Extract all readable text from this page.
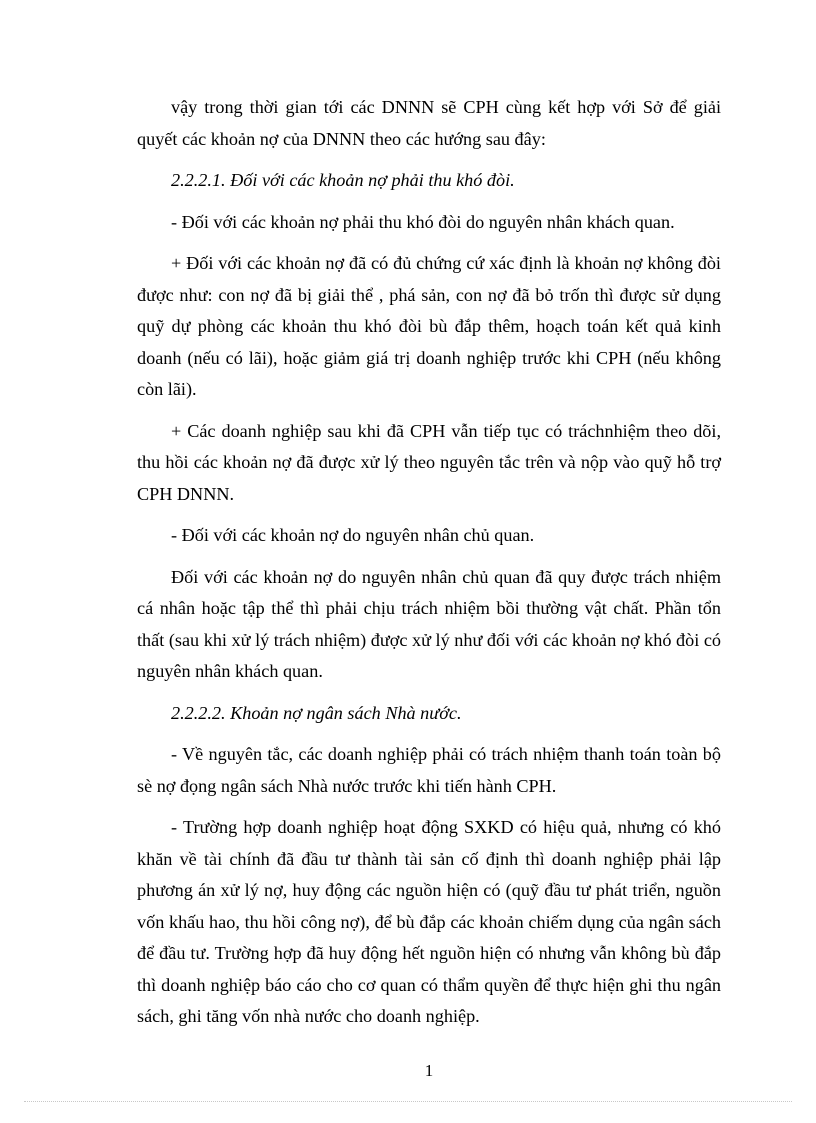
vậy trong thời gian tới các DNNN sẽ CPH cùng kết hợp với Sở để giải quyết các khoản nợ của DNNN theo các hướng sau đây:

2.2.2.1. Đối với các khoản nợ phải thu khó đòi.

- Đối với các khoản nợ phải thu khó đòi do nguyên nhân khách quan.

+ Đối với các khoản nợ đã có đủ chứng cứ xác định là khoản nợ không đòi được như: con nợ đã bị giải thể , phá sản, con nợ đã bỏ trốn thì được sử dụng quỹ dự phòng các khoản thu khó đòi bù đắp thêm, hoạch toán kết quả kinh doanh (nếu có lãi), hoặc giảm giá trị doanh nghiệp trước khi CPH (nếu không còn lãi).

+ Các doanh nghiệp sau khi đã CPH vẫn tiếp tục có tráchnhiệm theo dõi, thu hồi các khoản nợ đã được xử lý theo nguyên tắc trên và nộp vào quỹ hỗ trợ CPH DNNN.

- Đối với các khoản nợ do nguyên nhân chủ quan.

Đối với các khoản nợ do nguyên nhân chủ quan đã quy được trách nhiệm cá nhân hoặc tập thể thì phải chịu trách nhiệm bồi thường vật chất. Phần tổn thất (sau khi xử lý trách nhiệm) được xử lý như đối với các khoản nợ khó đòi có nguyên nhân khách quan.

2.2.2.2. Khoản nợ ngân sách Nhà nước.

- Về nguyên tắc, các doanh nghiệp phải có trách nhiệm thanh toán toàn bộ sè nợ đọng ngân sách Nhà nước trước khi tiến hành CPH.

- Trường hợp doanh nghiệp hoạt động SXKD có hiệu quả, nhưng có khó khăn về tài chính đã đầu tư thành tài sản cố định thì doanh nghiệp phải lập phương án xử lý nợ, huy động các nguồn hiện có (quỹ đầu tư phát triển, nguồn vốn khấu hao, thu hồi công nợ), để bù đắp các khoản chiếm dụng của ngân sách để đầu tư. Trường hợp đã huy động hết nguồn hiện có nhưng vẫn không bù đắp thì doanh nghiệp báo cáo cho cơ quan có thẩm quyền để thực hiện ghi thu ngân sách, ghi tăng vốn nhà nước cho doanh nghiệp.

1
